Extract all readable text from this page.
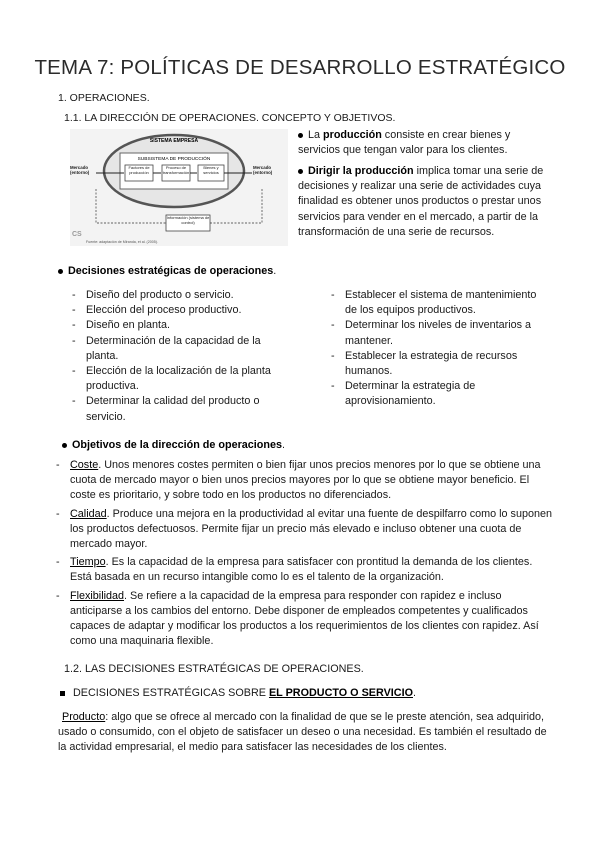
TEMA 7: POLÍTICAS DE DESARROLLO ESTRATÉGICO
1. OPERACIONES.
1.1. LA DIRECCIÓN DE OPERACIONES. CONCEPTO Y OBJETIVOS.
SISTEMA EMPRESA
SUBSISTEMA DE PRODUCCIÓN
Factores de producción
Proceso de transformación
Bienes y servicios
Mercado (entorno)
Mercado (entorno)
Información (sistema de control)
CS
Fuente: adaptación de Miranda, et al. (2005).
La producción consiste en crear bienes y servicios que tengan valor para los clientes.
Dirigir la producción implica tomar una serie de decisiones y realizar una serie de actividades cuya finalidad es obtener unos productos o prestar unos servicios para vender en el mercado, a partir de la transformación de una serie de recursos.
Decisiones estratégicas de operaciones.
- Diseño del producto o servicio.
- Elección del proceso productivo.
- Diseño en planta.
- Determinación de la capacidad de la planta.
- Elección de la localización de la planta productiva.
- Determinar la calidad del producto o servicio.
- Establecer el sistema de mantenimiento de los equipos productivos.
- Determinar los niveles de inventarios a mantener.
- Establecer la estrategia de recursos humanos.
- Determinar la estrategia de aprovisionamiento.
Objetivos de la dirección de operaciones.
- Coste. Unos menores costes permiten o bien fijar unos precios menores por lo que se obtiene una cuota de mercado mayor o bien unos precios mayores por lo que se obtiene mayor beneficio. El coste es prioritario, y sobre todo en los productos no diferenciados.
- Calidad. Produce una mejora en la productividad al evitar una fuente de despilfarro como lo suponen los productos defectuosos. Permite fijar un precio más elevado e incluso obtener una cuota de mercado mayor.
- Tiempo. Es la capacidad de la empresa para satisfacer con prontitud la demanda de los clientes. Está basada en un recurso intangible como lo es el talento de la organización.
- Flexibilidad. Se refiere a la capacidad de la empresa para responder con rapidez e incluso anticiparse a los cambios del entorno. Debe disponer de empleados competentes y cualificados capaces de adaptar y modificar los productos a los requerimientos de los clientes con rapidez. Así como una maquinaria flexible.
1.2. LAS DECISIONES ESTRATÉGICAS DE OPERACIONES.
DECISIONES ESTRATÉGICAS SOBRE EL PRODUCTO O SERVICIO.
Producto: algo que se ofrece al mercado con la finalidad de que se le preste atención, sea adquirido, usado o consumido, con el objeto de satisfacer un deseo o una necesidad. Es también el resultado de la actividad empresarial, el medio para satisfacer las necesidades de los clientes.
